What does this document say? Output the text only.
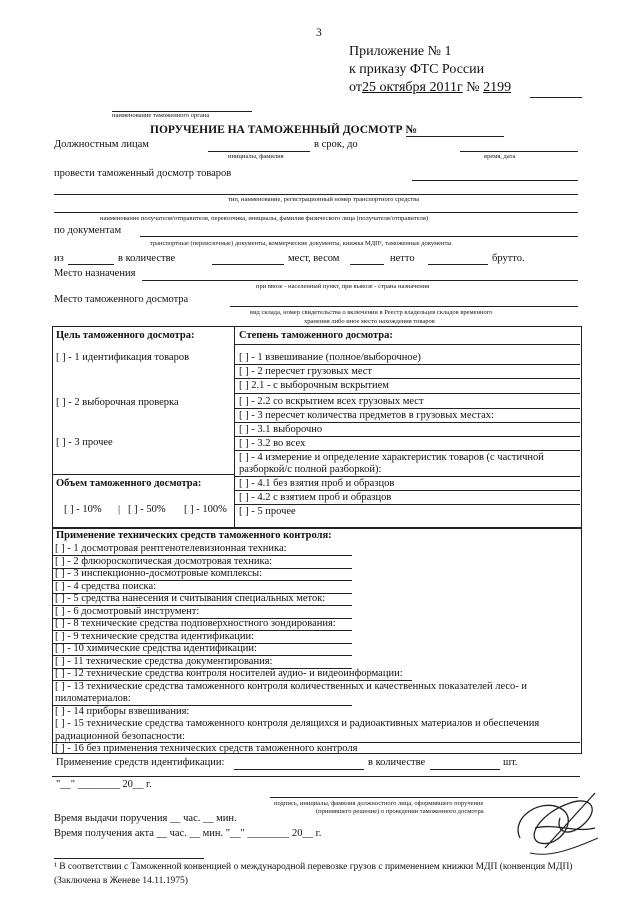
3
Приложение № 1
к приказу ФТС России
от25 октября 2011г № 2199
наименование таможенного органа
ПОРУЧЕНИЕ НА ТАМОЖЕННЫЙ ДОСМОТР №
Должностным лицам	в срок, до
инициалы, фамилия	время, дата
провести таможенный досмотр товаров
тип, наименование, регистрационный номер транспортного средства
наименование получателя/отправителя, перевозчика, инициалы, фамилия физического лица (получателя/отправителя)
по документам
транспортные (перевозочные) документы, коммерческие документы, книжка МДП¹, таможенные документы
из	в количестве	мест, весом	нетто	брутто.
Место назначения
при ввозе - населенный пункт, при вывозе - страна назначения
Место таможенного досмотра
вид склада, номер свидетельства о включении в Реестр владельцев складов временного
хранения либо иное место нахождения товаров
Цель таможенного досмотра:
[ ] - 1 идентификация товаров
[ ] - 2 выборочная проверка
[ ] - 3 прочее
Объем таможенного досмотра:
[ ] - 10% | [ ] - 50% [ ] - 100%
Степень таможенного досмотра:
[ ] - 1 взвешивание (полное/выборочное)
[ ] - 2 пересчет грузовых мест
[ ] 2.1 - с выборочным вскрытием
[ ] - 2.2 со вскрытием всех грузовых мест
[ ] - 3 пересчет количества предметов в грузовых местах:
[ ] - 3.1 выборочно
[ ] - 3.2 во всех
[ ] - 4 измерение и определение характеристик товаров (с частичной
разборкой/с полной разборкой):
[ ] - 4.1 без взятия проб и образцов
[ ] - 4.2 с взятием проб и образцов
[ ] - 5 прочее
Применение технических средств таможенного контроля:
[ ] - 1 досмотровая рентгенотелевизионная техника:
[ ] - 2 флюороскопическая досмотровая техника:
[ ] - 3 инспекционно-досмотровые комплексы:
[ ] - 4 средства поиска:
[ ] - 5 средства нанесения и считывания специальных меток:
[ ] - 6 досмотровый инструмент:
[ ] - 8 технические средства подповерхностного зондирования:
[ ] - 9 технические средства идентификации:
[ ] - 10 химические средства идентификации:
[ ] - 11 технические средства документирования:
[ ] - 12 технические средства контроля носителей аудио- и видеоинформации:
[ ] - 13 технические средства таможенного контроля количественных и качественных показателей лесо- и
пиломатериалов:
[ ] - 14 приборы взвешивания:
[ ] - 15 технические средства таможенного контроля делящихся и радиоактивных материалов и обеспечения
радиационной безопасности:
[ ] - 16 без применения технических средств таможенного контроля
Применение средств идентификации:	в количестве	шт.
"__" ________ 20__ г.
подпись, инициалы, фамилия должностного лица, оформившего поручение
(принявшего решение) о проведении таможенного досмотра
Время выдачи поручения __ час. __ мин.
Время получения акта __ час. __ мин. "__" ________ 20__ г.
¹ В соответствии с Таможенной конвенцией о международной перевозке грузов с применением книжки МДП (конвенция МДП)
(Заключена в Женеве 14.11.1975)
